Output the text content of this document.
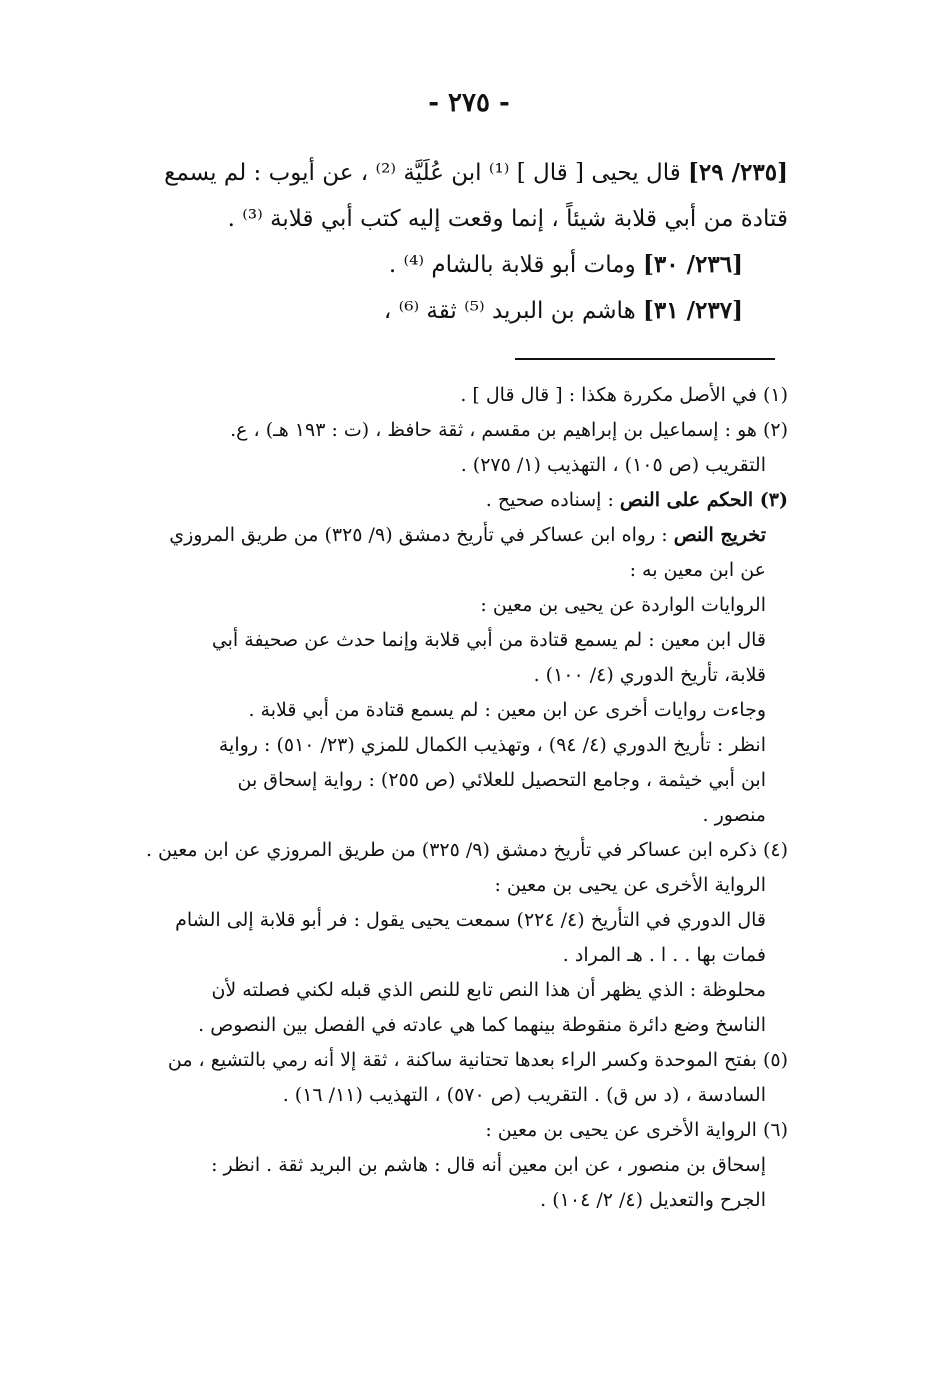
- ٢٧٥ -

[٢٣٥/ ٢٩] قال يحيى [ قال ] ⁽¹⁾ ابن عُلَيَّة ⁽²⁾ ، عن أيوب : لم يسمع

قتادة من أبي قلابة شيئاً ، إنما وقعت إليه كتب أبي قلابة ⁽³⁾ .

[٢٣٦/ ٣٠] ومات أبو قلابة بالشام ⁽⁴⁾ .

[٢٣٧/ ٣١] هاشم بن البريد ⁽⁵⁾ ثقة ⁽⁶⁾ ،

(١) في الأصل مكررة هكذا : [ قال قال ] .

(٢) هو : إسماعيل بن إبراهيم بن مقسم ، ثقة حافظ ، (ت : ١٩٣ هـ) ، ع.

التقريب (ص ١٠٥) ، التهذيب (١/ ٢٧٥) .

(٣) الحكم على النص : إسناده صحيح .

تخريج النص : رواه ابن عساكر في تأريخ دمشق (٩/ ٣٢٥) من طريق المروزي

عن ابن معين به :

الروايات الواردة عن يحيى بن معين :

قال ابن معين : لم يسمع قتادة من أبي قلابة وإنما حدث عن صحيفة أبي

قلابة، تأريخ الدوري (٤/ ١٠٠) .

وجاءت روايات أخرى عن ابن معين : لم يسمع قتادة من أبي قلابة .

انظر : تأريخ الدوري (٤/ ٩٤) ، وتهذيب الكمال للمزي (٢٣/ ٥١٠) : رواية

ابن أبي خيثمة ، وجامع التحصيل للعلائي (ص ٢٥٥) : رواية إسحاق بن

منصور .

(٤) ذكره ابن عساكر في تأريخ دمشق (٩/ ٣٢٥) من طريق المروزي عن ابن معين .

الرواية الأخرى عن يحيى بن معين :

قال الدوري في التأريخ (٤/ ٢٢٤) سمعت يحيى يقول : فر أبو قلابة إلى الشام

فمات بها . . ا . هـ المراد .

محلوظة : الذي يظهر أن هذا النص تابع للنص الذي قبله لكني فصلته لأن

الناسخ وضع دائرة منقوطة بينهما كما هي عادته في الفصل بين النصوص .

(٥) بفتح الموحدة وكسر الراء بعدها تحتانية ساكنة ، ثقة إلا أنه رمي بالتشيع ، من

السادسة ، (د س ق) . التقريب (ص ٥٧٠) ، التهذيب (١١/ ١٦) .

(٦) الرواية الأخرى عن يحيى بن معين :

إسحاق بن منصور ، عن ابن معين أنه قال : هاشم بن البريد ثقة . انظر :

الجرح والتعديل (٤/ ٢/ ١٠٤) .
